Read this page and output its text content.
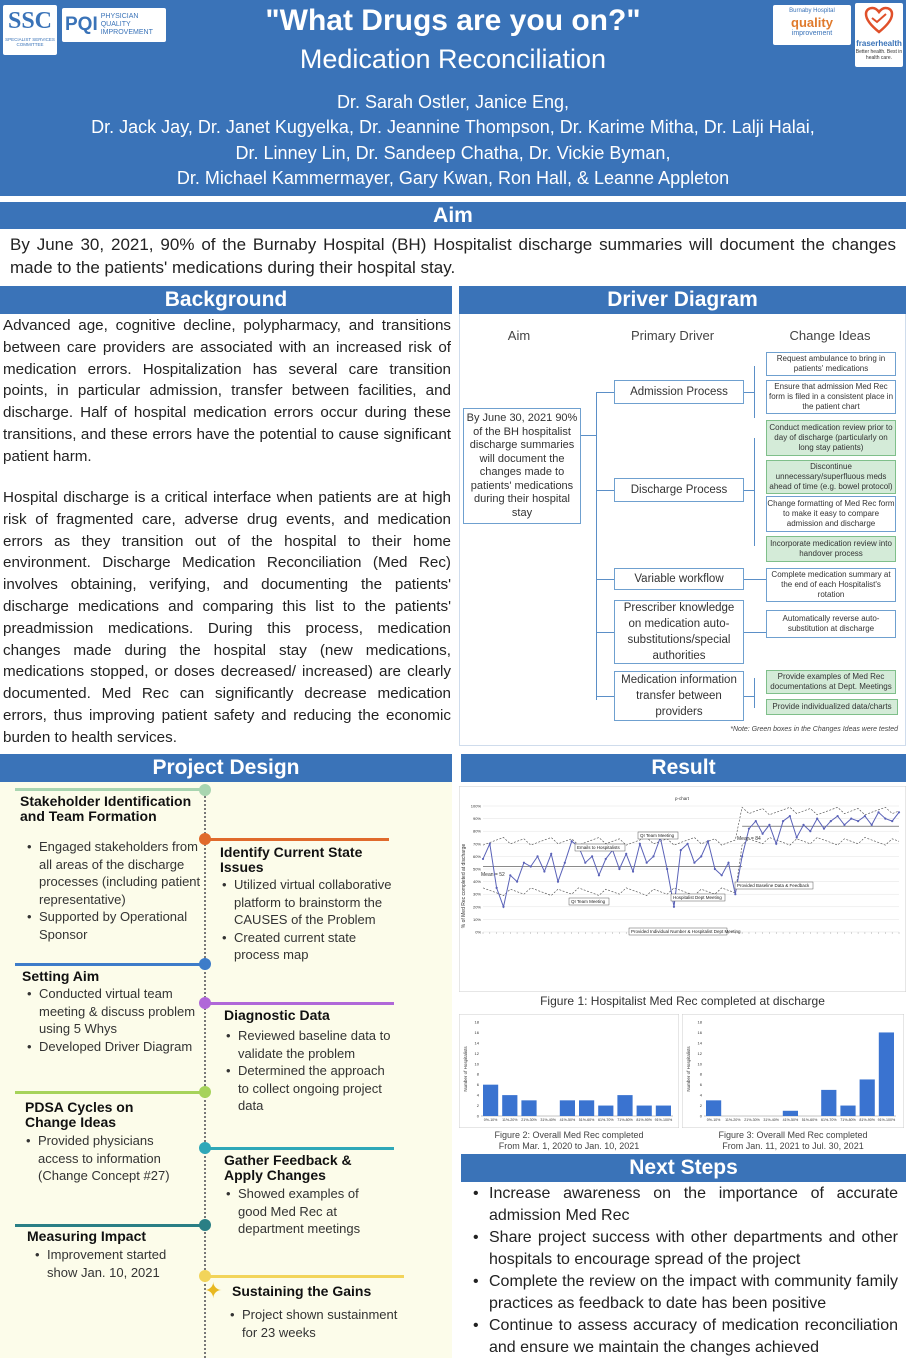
"What Drugs are you on?"
Medication Reconciliation
Dr. Sarah Ostler, Janice Eng,
Dr. Jack Jay, Dr. Janet Kugyelka, Dr. Jeannine Thompson, Dr. Karime Mitha, Dr. Lalji Halai,
Dr. Linney Lin, Dr. Sandeep Chatha, Dr. Vickie Byman,
Dr. Michael Kammermayer, Gary Kwan, Ron Hall, & Leanne Appleton
SSC
SPECIALIST SERVICES COMMITTEE
PQI PHYSICIAN QUALITY IMPROVEMENT
Burnaby Hospital
quality
improvement
fraserhealth
Better health. Best in health care.
Aim
By June 30, 2021, 90% of the Burnaby Hospital (BH) Hospitalist discharge summaries will document the changes made to the patients' medications during their hospital stay.
Background
Advanced age, cognitive decline, polypharmacy, and transitions between care providers are associated with an increased risk of medication errors. Hospitalization has several care transition points, in particular admission, transfer between facilities, and discharge. Half of hospital medication errors occur during these transitions, and these errors have the potential to cause significant patient harm.
Hospital discharge is a critical interface when patients are at high risk of fragmented care, adverse drug events, and medication errors as they transition out of the hospital to their home environment. Discharge Medication Reconciliation (Med Rec) involves obtaining, verifying, and documenting the patients' discharge medications and comparing this list to the patients' preadmission medications. During this process, medication changes made during the hospital stay (new medications, medications stopped, or doses decreased/ increased) are clearly documented. Med Rec can significantly decrease medication errors, thus improving patient safety and reducing the economic burden to health services.
Driver Diagram
Aim	Primary Driver	Change Ideas
By June 30, 2021 90% of the BH hospitalist discharge summaries will document the changes made to patients' medications during their hospital stay
Admission Process
Discharge Process
Variable workflow
Prescriber knowledge on medication auto-substitutions/special authorities
Medication information transfer between providers
Request ambulance to bring in patients' medications
Ensure that admission Med Rec form is filed in a consistent place in the patient chart
Conduct medication review prior to day of discharge (particularly on long stay patients)
Discontinue unnecessary/superfluous meds ahead of time (e.g. bowel protocol)
Change formatting of Med Rec form to make it easy to compare admission and discharge
Incorporate medication review into handover process
Complete medication summary at the end of each Hospitalist's rotation
Automatically reverse auto-substitution at discharge
Provide examples of Med Rec documentations at Dept. Meetings
Provide individualized data/charts
*Note: Green boxes in the Changes Ideas were tested
Project Design
Stakeholder Identification and Team Formation
• Engaged stakeholders from all areas of the discharge processes (including patient representative)
• Supported by Operational Sponsor
Identify Current State Issues
• Utilized virtual collaborative platform to brainstorm the CAUSES of the Problem
• Created current state process map
Setting Aim
• Conducted virtual team meeting & discuss problem using 5 Whys
• Developed Driver Diagram
Diagnostic Data
• Reviewed baseline data to validate the problem
• Determined the approach to collect ongoing project data
PDSA Cycles on Change Ideas
• Provided physicians access to information (Change Concept #27)
Gather Feedback & Apply Changes
• Showed examples of good Med Rec at department meetings
Measuring Impact
• Improvement started show Jan. 10, 2021
✦ Sustaining the Gains
• Project shown sustainment for 23 weeks
Result
% of Med Rec completed at discharge
0%
10%
20%
30%
40%
50%
60%
70%
80%
90%
100%
Mean = 52
Mean = 84
QI Team Meeting
Emails to Hospitalists
QI Team Meeting
Hospitalist Dept Meeting
Provided Individual Number & Hospitalist Dept Meeting
Provided Baseline Data & Feedback
p-chart
Figure 1: Hospitalist Med Rec completed at discharge
0
2
4
6
8
10
12
14
16
18
Number of Hospitalists
0%-10% 11%-20% 21%-30% 31%-40% 41%-50% 51%-60% 61%-70% 71%-80% 81%-90% 91%-100%
Figure 2: Overall Med Rec completed
From Mar. 1, 2020 to Jan. 10, 2021
0
2
4
6
8
10
12
14
16
18
Number of Hospitalists
0%-10% 11%-20% 21%-30% 31%-40% 41%-50% 51%-60% 61%-70% 71%-80% 81%-90% 91%-100%
Figure 3: Overall Med Rec completed
From Jan. 11, 2021 to Jul. 30, 2021
Next Steps
• Increase awareness on the importance of accurate admission Med Rec
• Share project success with other departments and other hospitals to encourage spread of the project
• Complete the review on the impact with community family practices as feedback to date has been positive
• Continue to assess accuracy of medication reconciliation and ensure we maintain the changes achieved
